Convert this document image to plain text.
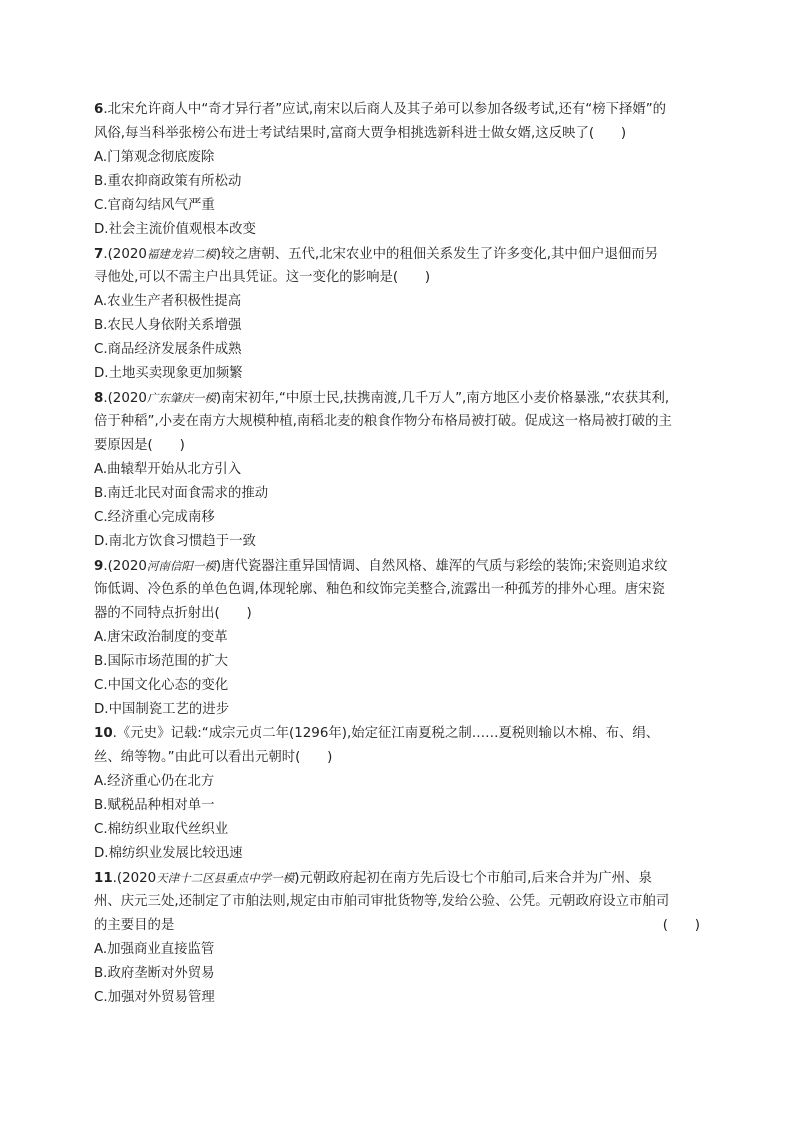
6.北宋允许商人中“奇才异行者”应试,南宋以后商人及其子弟可以参加各级考试,还有“榜下择婿”的
风俗,每当科举张榜公布进士考试结果时,富商大贾争相挑选新科进士做女婿,这反映了(　　)
A.门第观念彻底废除
B.重农抑商政策有所松动
C.官商勾结风气严重
D.社会主流价值观根本改变
7.(2020福建龙岩二模)较之唐朝、五代,北宋农业中的租佃关系发生了许多变化,其中佃户退佃而另
寻他处,可以不需主户出具凭证。这一变化的影响是(　　)
A.农业生产者积极性提高
B.农民人身依附关系增强
C.商品经济发展条件成熟
D.土地买卖现象更加频繁
8.(2020广东肇庆一模)南宋初年,“中原士民,扶携南渡,几千万人”,南方地区小麦价格暴涨,“农获其利,
倍于种稻”,小麦在南方大规模种植,南稻北麦的粮食作物分布格局被打破。促成这一格局被打破的主
要原因是(　　)
A.曲辕犁开始从北方引入
B.南迁北民对面食需求的推动
C.经济重心完成南移
D.南北方饮食习惯趋于一致
9.(2020河南信阳一模)唐代瓷器注重异国情调、自然风格、雄浑的气质与彩绘的装饰;宋瓷则追求纹
饰低调、冷色系的单色色调,体现轮廓、釉色和纹饰完美整合,流露出一种孤芳的排外心理。唐宋瓷
器的不同特点折射出(　　)
A.唐宋政治制度的变革
B.国际市场范围的扩大
C.中国文化心态的变化
D.中国制瓷工艺的进步
10.《元史》记载:“成宗元贞二年(1296年),始定征江南夏税之制……夏税则输以木棉、布、绢、
丝、绵等物。”由此可以看出元朝时(　　)
A.经济重心仍在北方
B.赋税品种相对单一
C.棉纺织业取代丝织业
D.棉纺织业发展比较迅速
11.(2020天津十二区县重点中学一模)元朝政府起初在南方先后设七个市舶司,后来合并为广州、泉
州、庆元三处,还制定了市舶法则,规定由市舶司审批货物等,发给公验、公凭。元朝政府设立市舶司
的主要目的是	(　　)
A.加强商业直接监管
B.政府垄断对外贸易
C.加强对外贸易管理
